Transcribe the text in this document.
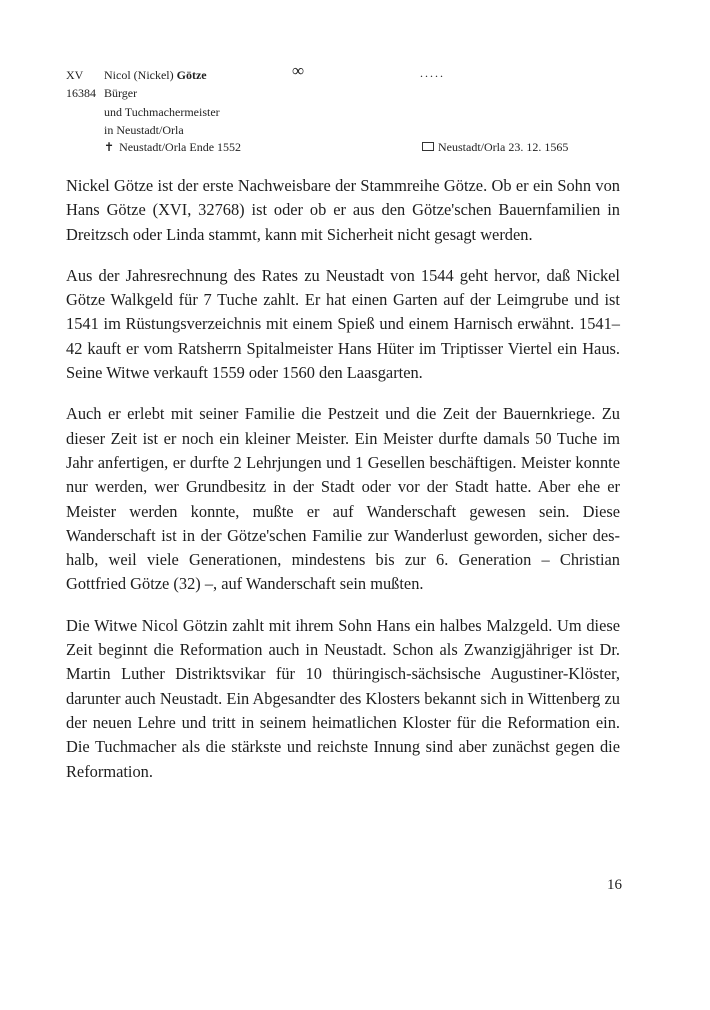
XV Nicol (Nickel) Götze	∞	.....
16384 Bürger
und Tuchmachermeister
in Neustadt/Orla
✝ Neustadt/Orla Ende 1552	Neustadt/Orla 23. 12. 1565

Nickel Götze ist der erste Nachweisbare der Stammreihe Götze. Ob er ein Sohn von Hans Götze (XVI, 32768) ist oder ob er aus den Götze'schen Bauernfamilien in Dreitzsch oder Linda stammt, kann mit Sicherheit nicht gesagt werden.

Aus der Jahresrechnung des Rates zu Neustadt von 1544 geht hervor, daß Nickel Götze Walkgeld für 7 Tuche zahlt. Er hat einen Garten auf der Leimgrube und ist 1541 im Rüstungsverzeichnis mit einem Spieß und einem Harnisch erwähnt. 1541–42 kauft er vom Ratsherrn Spitalmeister Hans Hüter im Triptisser Viertel ein Haus. Seine Witwe verkauft 1559 oder 1560 den Laasgarten.

Auch er erlebt mit seiner Familie die Pestzeit und die Zeit der Bauernkriege. Zu dieser Zeit ist er noch ein kleiner Meister. Ein Meister durfte damals 50 Tuche im Jahr anfertigen, er durfte 2 Lehrjungen und 1 Gesellen beschäftigen. Meister konnte nur werden, wer Grundbesitz in der Stadt oder vor der Stadt hatte. Aber ehe er Meister werden konnte, mußte er auf Wanderschaft gewesen sein. Diese Wanderschaft ist in der Götze'schen Familie zur Wanderlust geworden, sicher deshalb, weil viele Generationen, mindestens bis zur 6. Generation – Christian Gottfried Götze (32) –, auf Wanderschaft sein mußten.

Die Witwe Nicol Götzin zahlt mit ihrem Sohn Hans ein halbes Malzgeld. Um diese Zeit beginnt die Reformation auch in Neustadt. Schon als Zwanzigjähriger ist Dr. Martin Luther Distriktsvikar für 10 thüringisch-sächsische Augustiner-Klöster, darunter auch Neustadt. Ein Abgesandter des Klosters bekannt sich in Wittenberg zu der neuen Lehre und tritt in seinem heimatlichen Kloster für die Reformation ein. Die Tuchmacher als die stärkste und reichste Innung sind aber zunächst gegen die Reformation.

16
